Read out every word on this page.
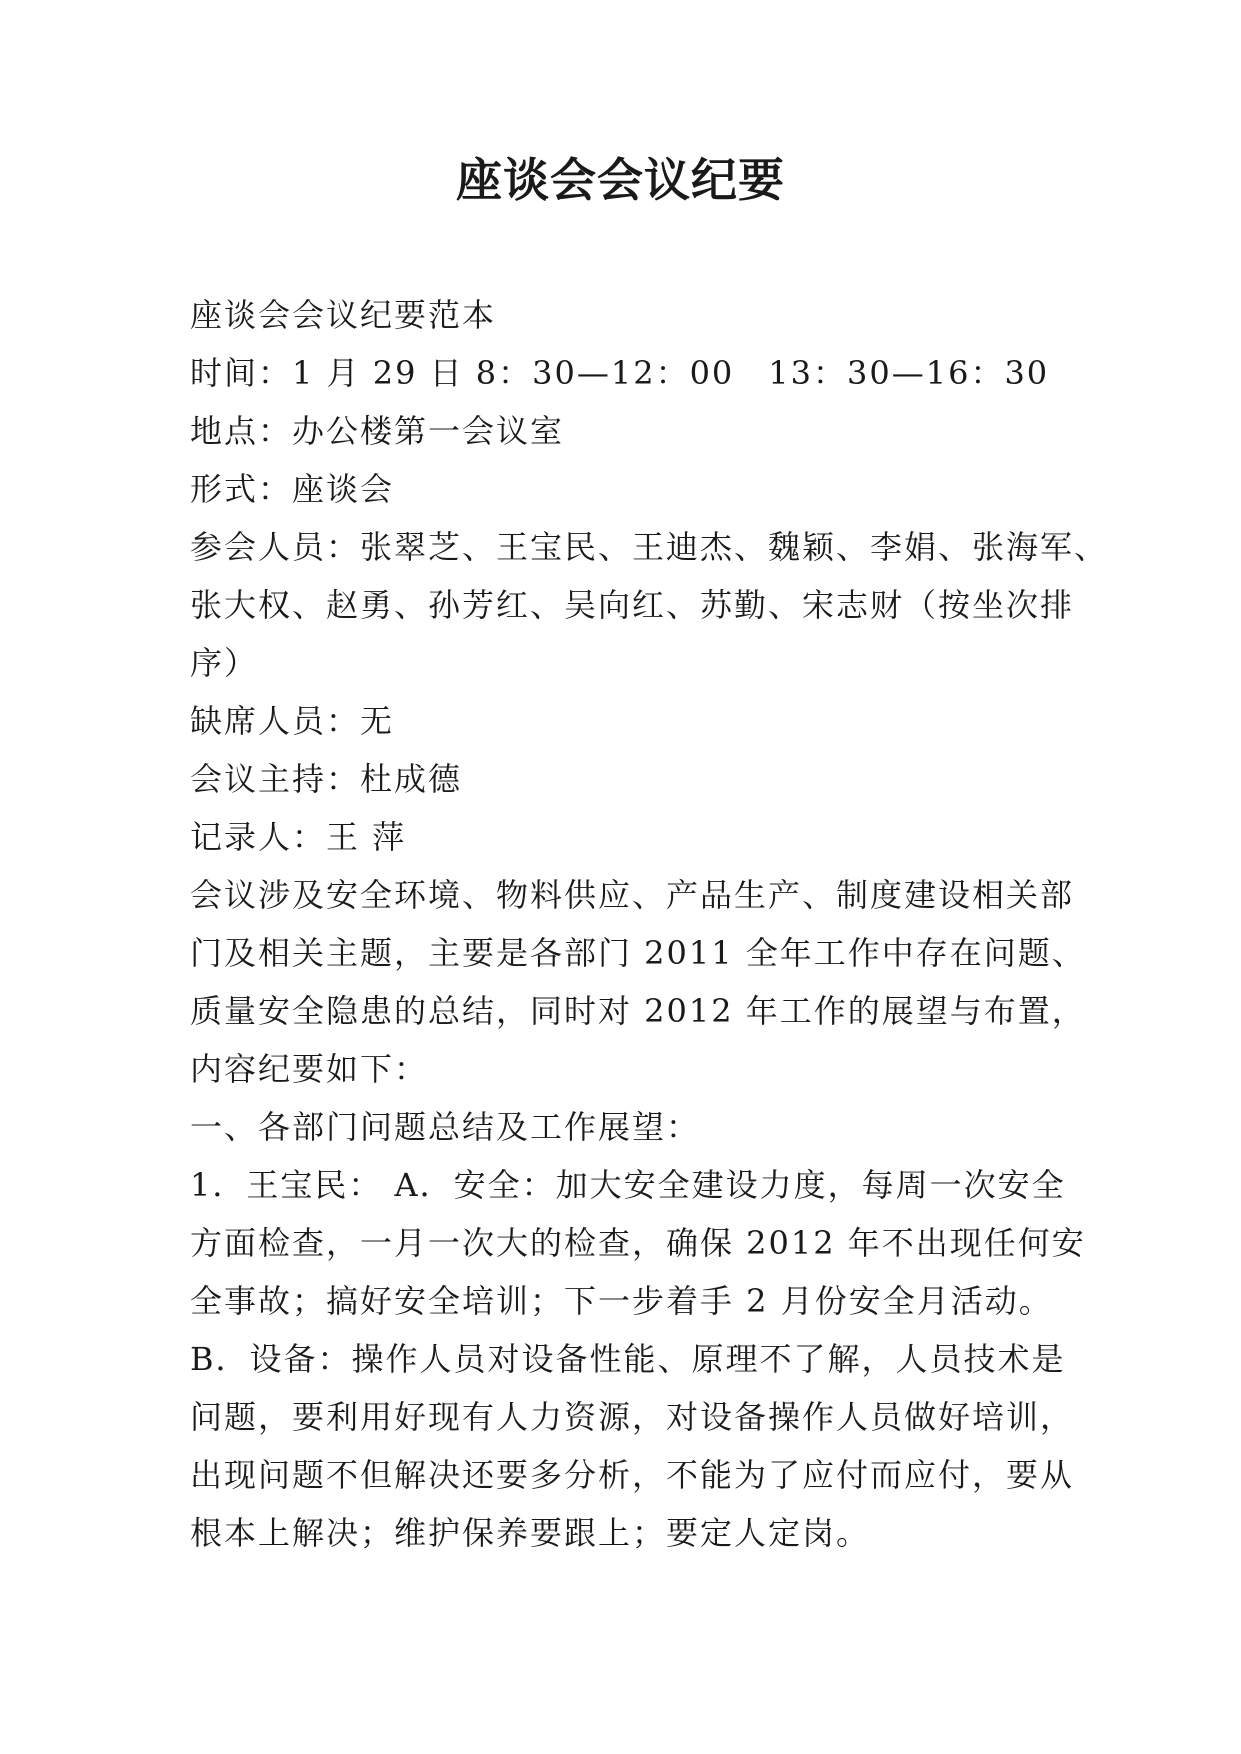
座谈会会议纪要
座谈会会议纪要范本
时间：1 月 29 日 8：30—12：00　13：30—16：30
地点：办公楼第一会议室
形式：座谈会
参会人员：张翠芝、王宝民、王迪杰、魏颖、李娟、张海军、
张大权、赵勇、孙芳红、吴向红、苏勤、宋志财（按坐次排
序）
缺席人员：无
会议主持：杜成德
记录人：王 萍
会议涉及安全环境、物料供应、产品生产、制度建设相关部
门及相关主题，主要是各部门 2011 全年工作中存在问题、
质量安全隐患的总结，同时对 2012 年工作的展望与布置，
内容纪要如下：
一、各部门问题总结及工作展望：
1．王宝民： A．安全：加大安全建设力度，每周一次安全
方面检查，一月一次大的检查，确保 2012 年不出现任何安
全事故；搞好安全培训；下一步着手 2 月份安全月活动。
B．设备：操作人员对设备性能、原理不了解，人员技术是
问题，要利用好现有人力资源，对设备操作人员做好培训，
出现问题不但解决还要多分析，不能为了应付而应付，要从
根本上解决；维护保养要跟上；要定人定岗。
